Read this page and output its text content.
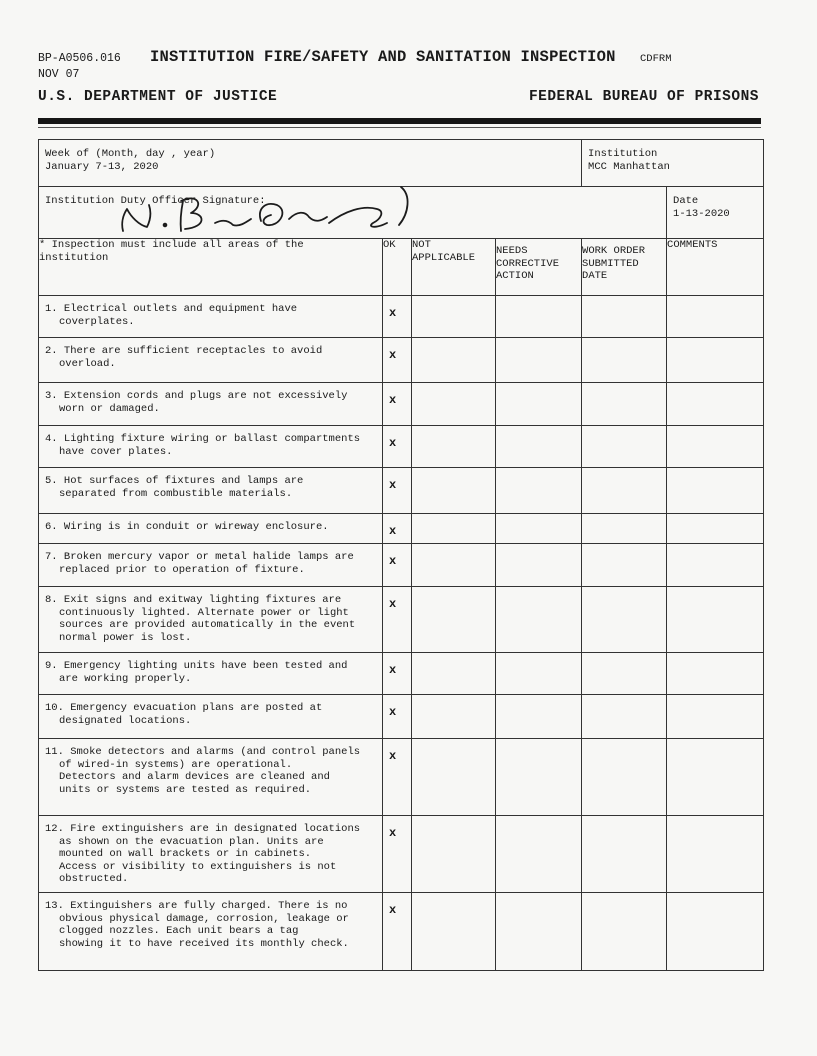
BP-A0506.016 INSTITUTION FIRE/SAFETY AND SANITATION INSPECTION CDFRM
NOV 07
U.S. DEPARTMENT OF JUSTICE	FEDERAL BUREAU OF PRISONS
Week of (Month, day , year)
January 7-13, 2020				Institution
MCC Manhattan	

Institution Duty Officer Signature:					Date
1-13-2020

* Inspection must include all areas of the
institution	OK	NOT
APPLICABLE	NEEDS
CORRECTIVE
ACTION	WORK ORDER
SUBMITTED
DATE	COMMENTS

1. Electrical outlets and equipment have
coverplates.	x				

2. There are sufficient receptacles to avoid
overload.	x				

3. Extension cords and plugs are not excessively
worn or damaged.	x				

4. Lighting fixture wiring or ballast compartments
have cover plates.	x				

5. Hot surfaces of fixtures and lamps are
separated from combustible materials.	x				

6. Wiring is in conduit or wireway enclosure.	x				

7. Broken mercury vapor or metal halide lamps are
replaced prior to operation of fixture.	x				

8. Exit signs and exitway lighting fixtures are
continuously lighted. Alternate power or light
sources are provided automatically in the event
normal power is lost.	x				

9. Emergency lighting units have been tested and
are working properly.	x				

10. Emergency evacuation plans are posted at
designated locations.	x				

11. Smoke detectors and alarms (and control panels
of wired-in systems) are operational.
Detectors and alarm devices are cleaned and
units or systems are tested as required.	x				

12. Fire extinguishers are in designated locations
as shown on the evacuation plan. Units are
mounted on wall brackets or in cabinets.
Access or visibility to extinguishers is not
obstructed.	x				

13. Extinguishers are fully charged. There is no
obvious physical damage, corrosion, leakage or
clogged nozzles. Each unit bears a tag
showing it to have received its monthly check.	x				
